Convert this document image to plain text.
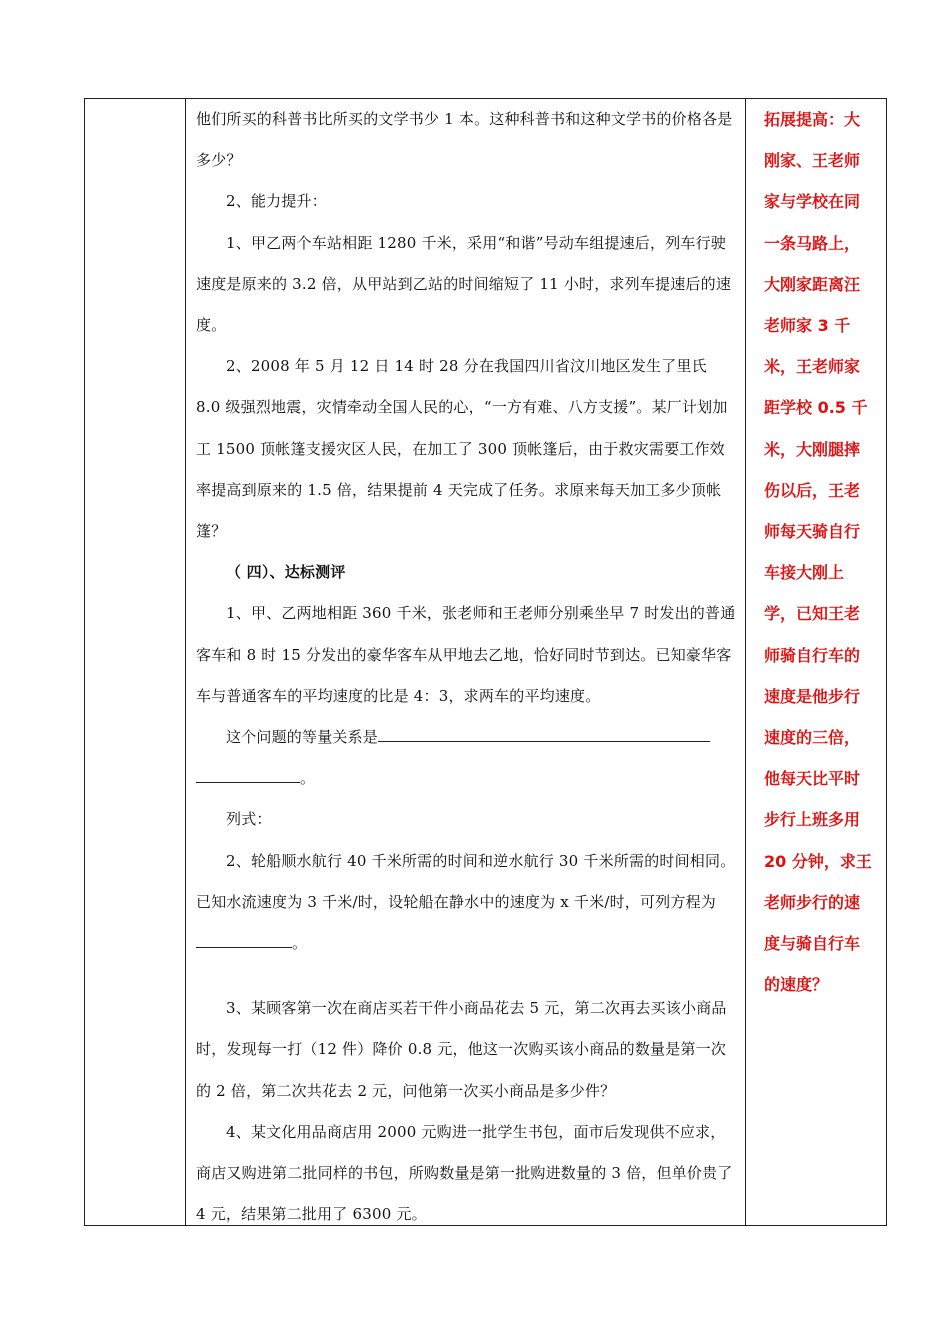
他们所买的科普书比所买的文学书少 1 本。这种科普书和这种文学书的价格各是多少？

2、能力提升：

1、甲乙两个车站相距 1280 千米，采用“和谐”号动车组提速后，列车行驶速度是原来的 3.2 倍，从甲站到乙站的时间缩短了 11 小时，求列车提速后的速度。

2、2008 年 5 月 12 日 14 时 28 分在我国四川省汶川地区发生了里氏 8.0 级强烈地震，灾情牵动全国人民的心，“一方有难、八方支援”。某厂计划加工 1500 顶帐篷支援灾区人民，在加工了 300 顶帐篷后，由于救灾需要工作效率提高到原来的 1.5 倍，结果提前 4 天完成了任务。求原来每天加工多少顶帐篷？

（ 四）、达标测评

1、甲、乙两地相距 360 千米，张老师和王老师分别乘坐早 7 时发出的普通客车和 8 时 15 分发出的豪华客车从甲地去乙地，恰好同时节到达。已知豪华客车与普通客车的平均速度的比是 4：3，求两车的平均速度。

这个问题的等量关系是

。

列式：

2、轮船顺水航行 40 千米所需的时间和逆水航行 30 千米所需的时间相同。已知水流速度为 3 千米/时，设轮船在静水中的速度为 x 千米/时，可列方程为。

3、某顾客第一次在商店买若干件小商品花去 5 元，第二次再去买该小商品时，发现每一打（12 件）降价 0.8 元，他这一次购买该小商品的数量是第一次的 2 倍，第二次共花去 2 元，问他第一次买小商品是多少件？

4、某文化用品商店用 2000 元购进一批学生书包，面市后发现供不应求，商店又购进第二批同样的书包，所购数量是第一批购进数量的 3 倍，但单价贵了 4 元，结果第二批用了 6300 元。

拓展提高：大刚家、王老师家与学校在同一条马路上，大刚家距离汪老师家 3 千米，王老师家距学校 0.5 千米，大刚腿摔伤以后，王老师每天骑自行车接大刚上学，已知王老师骑自行车的速度是他步行速度的三倍，他每天比平时步行上班多用 20 分钟，求王老师步行的速度与骑自行车的速度？
